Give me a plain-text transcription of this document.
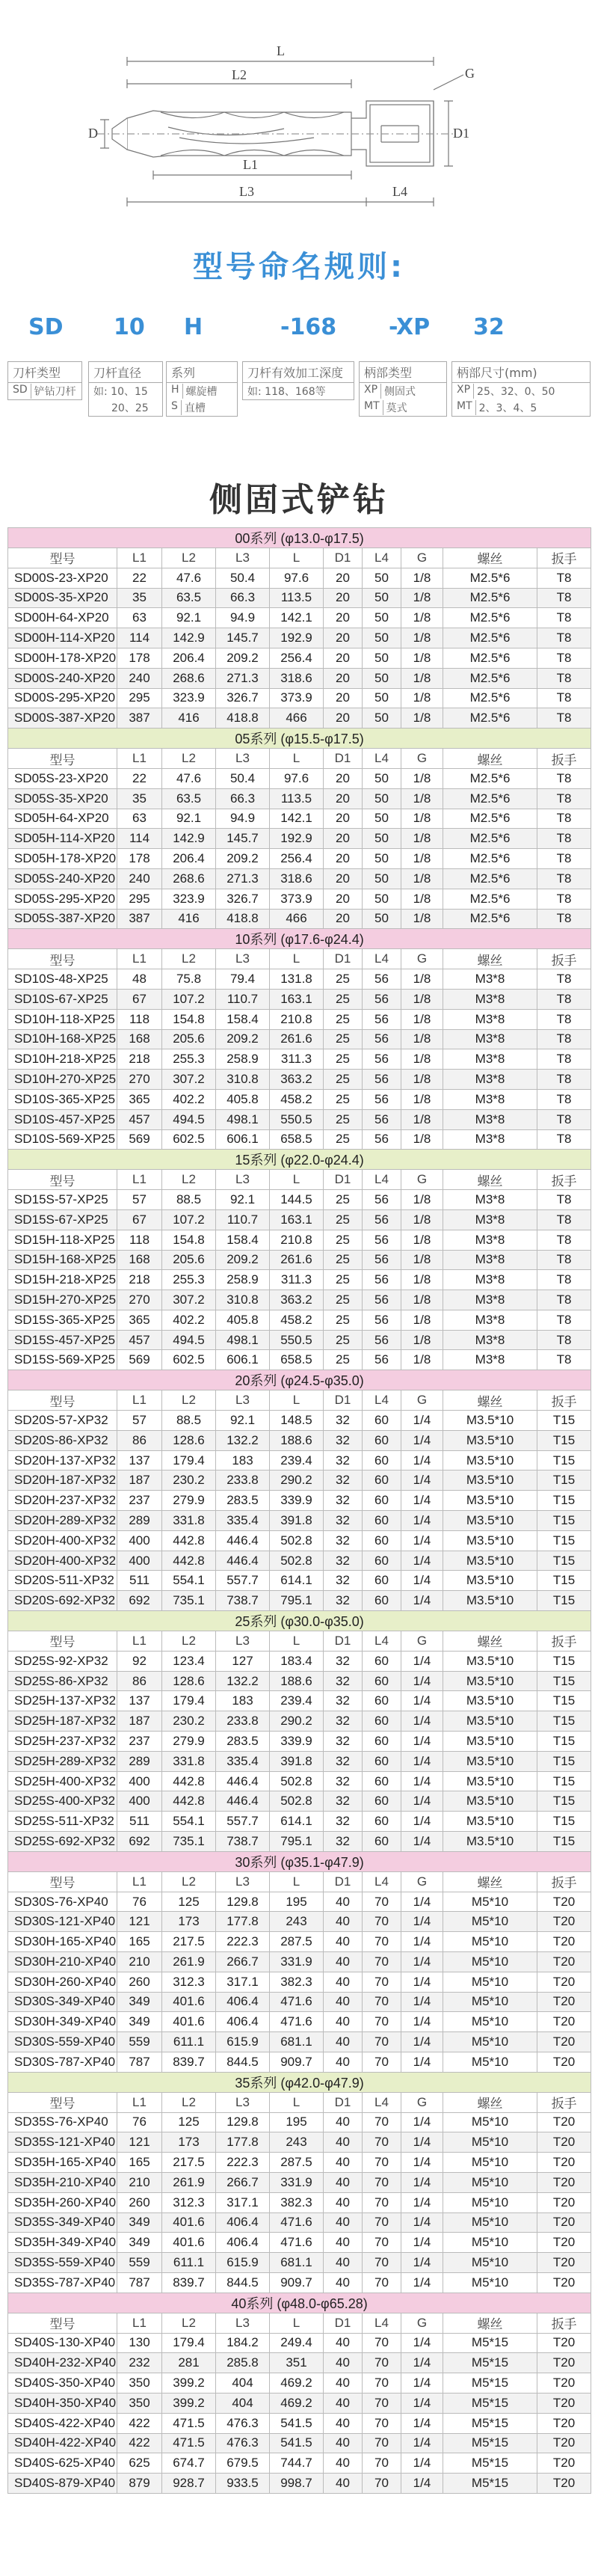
L
L2	G
D	D1
L1
L3	L4
型号命名规则:
SD 10 H	-168 -XP 32
刀杆类型
SD 铲钻刀杆
刀杆直径
如: 10、15
20、25
系列
H 螺旋槽
S 直槽
刀杆有效加工深度
如: 118、168等
柄部类型
XP 侧固式
MT 莫式
柄部尺寸(mm)
XP 25、32、0、50
MT 2、3、4、5
侧固式铲钻
00系列 (φ13.0-φ17.5)									
型号	L1	L2	L3	L	D1	L4	G	螺丝	扳手
SD00S-23-XP20	22	47.6	50.4	97.6	20	50	1/8	M2.5*6	T8
SD00S-35-XP20	35	63.5	66.3	113.5	20	50	1/8	M2.5*6	T8
SD00H-64-XP20	63	92.1	94.9	142.1	20	50	1/8	M2.5*6	T8
SD00H-114-XP20	114	142.9	145.7	192.9	20	50	1/8	M2.5*6	T8
SD00H-178-XP20	178	206.4	209.2	256.4	20	50	1/8	M2.5*6	T8
SD00S-240-XP20	240	268.6	271.3	318.6	20	50	1/8	M2.5*6	T8
SD00S-295-XP20	295	323.9	326.7	373.9	20	50	1/8	M2.5*6	T8
SD00S-387-XP20	387	416	418.8	466	20	50	1/8	M2.5*6	T8
05系列 (φ15.5-φ17.5)									
型号	L1	L2	L3	L	D1	L4	G	螺丝	扳手
SD05S-23-XP20	22	47.6	50.4	97.6	20	50	1/8	M2.5*6	T8
SD05S-35-XP20	35	63.5	66.3	113.5	20	50	1/8	M2.5*6	T8
SD05H-64-XP20	63	92.1	94.9	142.1	20	50	1/8	M2.5*6	T8
SD05H-114-XP20	114	142.9	145.7	192.9	20	50	1/8	M2.5*6	T8
SD05H-178-XP20	178	206.4	209.2	256.4	20	50	1/8	M2.5*6	T8
SD05S-240-XP20	240	268.6	271.3	318.6	20	50	1/8	M2.5*6	T8
SD05S-295-XP20	295	323.9	326.7	373.9	20	50	1/8	M2.5*6	T8
SD05S-387-XP20	387	416	418.8	466	20	50	1/8	M2.5*6	T8
10系列 (φ17.6-φ24.4)									
型号	L1	L2	L3	L	D1	L4	G	螺丝	扳手
SD10S-48-XP25	48	75.8	79.4	131.8	25	56	1/8	M3*8	T8
SD10S-67-XP25	67	107.2	110.7	163.1	25	56	1/8	M3*8	T8
SD10H-118-XP25	118	154.8	158.4	210.8	25	56	1/8	M3*8	T8
SD10H-168-XP25	168	205.6	209.2	261.6	25	56	1/8	M3*8	T8
SD10H-218-XP25	218	255.3	258.9	311.3	25	56	1/8	M3*8	T8
SD10H-270-XP25	270	307.2	310.8	363.2	25	56	1/8	M3*8	T8
SD10S-365-XP25	365	402.2	405.8	458.2	25	56	1/8	M3*8	T8
SD10S-457-XP25	457	494.5	498.1	550.5	25	56	1/8	M3*8	T8
SD10S-569-XP25	569	602.5	606.1	658.5	25	56	1/8	M3*8	T8
15系列 (φ22.0-φ24.4)									
型号	L1	L2	L3	L	D1	L4	G	螺丝	扳手
SD15S-57-XP25	57	88.5	92.1	144.5	25	56	1/8	M3*8	T8
SD15S-67-XP25	67	107.2	110.7	163.1	25	56	1/8	M3*8	T8
SD15H-118-XP25	118	154.8	158.4	210.8	25	56	1/8	M3*8	T8
SD15H-168-XP25	168	205.6	209.2	261.6	25	56	1/8	M3*8	T8
SD15H-218-XP25	218	255.3	258.9	311.3	25	56	1/8	M3*8	T8
SD15H-270-XP25	270	307.2	310.8	363.2	25	56	1/8	M3*8	T8
SD15S-365-XP25	365	402.2	405.8	458.2	25	56	1/8	M3*8	T8
SD15S-457-XP25	457	494.5	498.1	550.5	25	56	1/8	M3*8	T8
SD15S-569-XP25	569	602.5	606.1	658.5	25	56	1/8	M3*8	T8
20系列 (φ24.5-φ35.0)									
型号	L1	L2	L3	L	D1	L4	G	螺丝	扳手
SD20S-57-XP32	57	88.5	92.1	148.5	32	60	1/4	M3.5*10	T15
SD20S-86-XP32	86	128.6	132.2	188.6	32	60	1/4	M3.5*10	T15
SD20H-137-XP32	137	179.4	183	239.4	32	60	1/4	M3.5*10	T15
SD20H-187-XP32	187	230.2	233.8	290.2	32	60	1/4	M3.5*10	T15
SD20H-237-XP32	237	279.9	283.5	339.9	32	60	1/4	M3.5*10	T15
SD20H-289-XP32	289	331.8	335.4	391.8	32	60	1/4	M3.5*10	T15
SD20H-400-XP32	400	442.8	446.4	502.8	32	60	1/4	M3.5*10	T15
SD20H-400-XP32	400	442.8	446.4	502.8	32	60	1/4	M3.5*10	T15
SD20S-511-XP32	511	554.1	557.7	614.1	32	60	1/4	M3.5*10	T15
SD20S-692-XP32	692	735.1	738.7	795.1	32	60	1/4	M3.5*10	T15
25系列 (φ30.0-φ35.0)									
型号	L1	L2	L3	L	D1	L4	G	螺丝	扳手
SD25S-92-XP32	92	123.4	127	183.4	32	60	1/4	M3.5*10	T15
SD25S-86-XP32	86	128.6	132.2	188.6	32	60	1/4	M3.5*10	T15
SD25H-137-XP32	137	179.4	183	239.4	32	60	1/4	M3.5*10	T15
SD25H-187-XP32	187	230.2	233.8	290.2	32	60	1/4	M3.5*10	T15
SD25H-237-XP32	237	279.9	283.5	339.9	32	60	1/4	M3.5*10	T15
SD25H-289-XP32	289	331.8	335.4	391.8	32	60	1/4	M3.5*10	T15
SD25H-400-XP32	400	442.8	446.4	502.8	32	60	1/4	M3.5*10	T15
SD25S-400-XP32	400	442.8	446.4	502.8	32	60	1/4	M3.5*10	T15
SD25S-511-XP32	511	554.1	557.7	614.1	32	60	1/4	M3.5*10	T15
SD25S-692-XP32	692	735.1	738.7	795.1	32	60	1/4	M3.5*10	T15
30系列 (φ35.1-φ47.9)									
型号	L1	L2	L3	L	D1	L4	G	螺丝	扳手
SD30S-76-XP40	76	125	129.8	195	40	70	1/4	M5*10	T20
SD30S-121-XP40	121	173	177.8	243	40	70	1/4	M5*10	T20
SD30H-165-XP40	165	217.5	222.3	287.5	40	70	1/4	M5*10	T20
SD30H-210-XP40	210	261.9	266.7	331.9	40	70	1/4	M5*10	T20
SD30H-260-XP40	260	312.3	317.1	382.3	40	70	1/4	M5*10	T20
SD30S-349-XP40	349	401.6	406.4	471.6	40	70	1/4	M5*10	T20
SD30H-349-XP40	349	401.6	406.4	471.6	40	70	1/4	M5*10	T20
SD30S-559-XP40	559	611.1	615.9	681.1	40	70	1/4	M5*10	T20
SD30S-787-XP40	787	839.7	844.5	909.7	40	70	1/4	M5*10	T20
35系列 (φ42.0-φ47.9)									
型号	L1	L2	L3	L	D1	L4	G	螺丝	扳手
SD35S-76-XP40	76	125	129.8	195	40	70	1/4	M5*10	T20
SD35S-121-XP40	121	173	177.8	243	40	70	1/4	M5*10	T20
SD35H-165-XP40	165	217.5	222.3	287.5	40	70	1/4	M5*10	T20
SD35H-210-XP40	210	261.9	266.7	331.9	40	70	1/4	M5*10	T20
SD35H-260-XP40	260	312.3	317.1	382.3	40	70	1/4	M5*10	T20
SD35S-349-XP40	349	401.6	406.4	471.6	40	70	1/4	M5*10	T20
SD35H-349-XP40	349	401.6	406.4	471.6	40	70	1/4	M5*10	T20
SD35S-559-XP40	559	611.1	615.9	681.1	40	70	1/4	M5*10	T20
SD35S-787-XP40	787	839.7	844.5	909.7	40	70	1/4	M5*10	T20
40系列 (φ48.0-φ65.28)									
型号	L1	L2	L3	L	D1	L4	G	螺丝	扳手
SD40S-130-XP40	130	179.4	184.2	249.4	40	70	1/4	M5*15	T20
SD40H-232-XP40	232	281	285.8	351	40	70	1/4	M5*15	T20
SD40S-350-XP40	350	399.2	404	469.2	40	70	1/4	M5*15	T20
SD40H-350-XP40	350	399.2	404	469.2	40	70	1/4	M5*15	T20
SD40S-422-XP40	422	471.5	476.3	541.5	40	70	1/4	M5*15	T20
SD40H-422-XP40	422	471.5	476.3	541.5	40	70	1/4	M5*15	T20
SD40S-625-XP40	625	674.7	679.5	744.7	40	70	1/4	M5*15	T20
SD40S-879-XP40	879	928.7	933.5	998.7	40	70	1/4	M5*15	T20
